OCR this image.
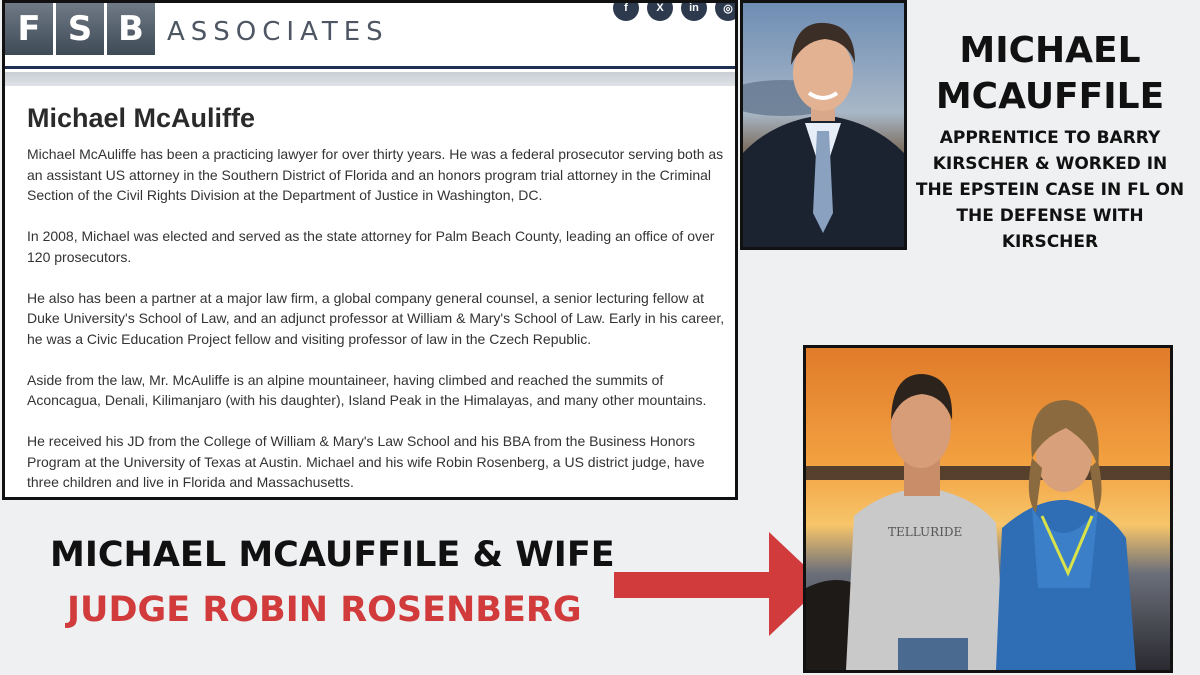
F S B ASSOCIATES
f	X	in	◎
Michael McAuliffe

Michael McAuliffe has been a practicing lawyer for over thirty years. He was a federal prosecutor serving both as an assistant US attorney in the Southern District of Florida and an honors program trial attorney in the Criminal Section of the Civil Rights Division at the Department of Justice in Washington, DC.

In 2008, Michael was elected and served as the state attorney for Palm Beach County, leading an office of over 120 prosecutors.

He also has been a partner at a major law firm, a global company general counsel, a senior lecturing fellow at Duke University's School of Law, and an adjunct professor at William & Mary's School of Law. Early in his career, he was a Civic Education Project fellow and visiting professor of law in the Czech Republic.

Aside from the law, Mr. McAuliffe is an alpine mountaineer, having climbed and reached the summits of Aconcagua, Denali, Kilimanjaro (with his daughter), Island Peak in the Himalayas, and many other mountains.

He received his JD from the College of William & Mary's Law School and his BBA from the Business Honors Program at the University of Texas at Austin. Michael and his wife Robin Rosenberg, a US district judge, have three children and live in Florida and Massachusetts.

MICHAEL
MCAUFFILE
APPRENTICE TO BARRY KIRSCHER & WORKED IN THE EPSTEIN CASE IN FL ON THE DEFENSE WITH KIRSCHER
MICHAEL MCAUFFILE & WIFE
JUDGE ROBIN ROSENBERG
TELLURIDE
